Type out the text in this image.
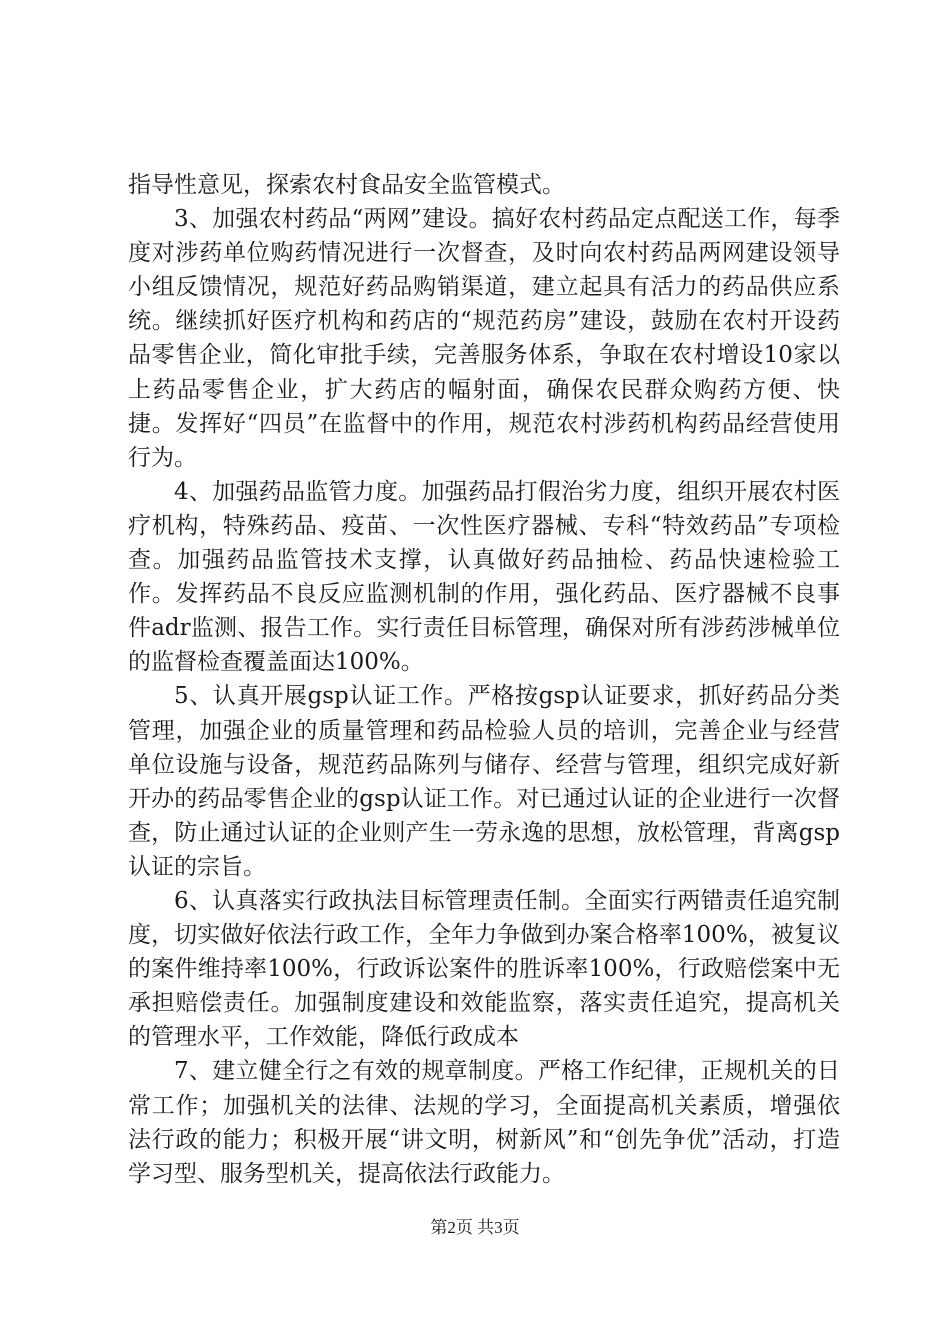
指导性意见，探索农村食品安全监管模式。

3、加强农村药品“两网”建设。搞好农村药品定点配送工作，每季度对涉药单位购药情况进行一次督查，及时向农村药品两网建设领导小组反馈情况，规范好药品购销渠道，建立起具有活力的药品供应系统。继续抓好医疗机构和药店的“规范药房”建设，鼓励在农村开设药品零售企业，简化审批手续，完善服务体系，争取在农村增设10家以上药品零售企业，扩大药店的幅射面，确保农民群众购药方便、快捷。发挥好“四员”在监督中的作用，规范农村涉药机构药品经营使用行为。

4、加强药品监管力度。加强药品打假治劣力度，组织开展农村医疗机构，特殊药品、疫苗、一次性医疗器械、专科“特效药品”专项检查。加强药品监管技术支撑，认真做好药品抽检、药品快速检验工作。发挥药品不良反应监测机制的作用，强化药品、医疗器械不良事件adr监测、报告工作。实行责任目标管理，确保对所有涉药涉械单位的监督检查覆盖面达100%。

5、认真开展gsp认证工作。严格按gsp认证要求，抓好药品分类管理，加强企业的质量管理和药品检验人员的培训，完善企业与经营单位设施与设备，规范药品陈列与储存、经营与管理，组织完成好新开办的药品零售企业的gsp认证工作。对已通过认证的企业进行一次督查，防止通过认证的企业则产生一劳永逸的思想，放松管理，背离gsp认证的宗旨。

6、认真落实行政执法目标管理责任制。全面实行两错责任追究制度，切实做好依法行政工作，全年力争做到办案合格率100%，被复议的案件维持率100%，行政诉讼案件的胜诉率100%，行政赔偿案中无承担赔偿责任。加强制度建设和效能监察，落实责任追究，提高机关的管理水平，工作效能，降低行政成本

7、建立健全行之有效的规章制度。严格工作纪律，正规机关的日常工作；加强机关的法律、法规的学习，全面提高机关素质，增强依法行政的能力；积极开展“讲文明，树新风”和“创先争优”活动，打造学习型、服务型机关，提高依法行政能力。

第2页 共3页
